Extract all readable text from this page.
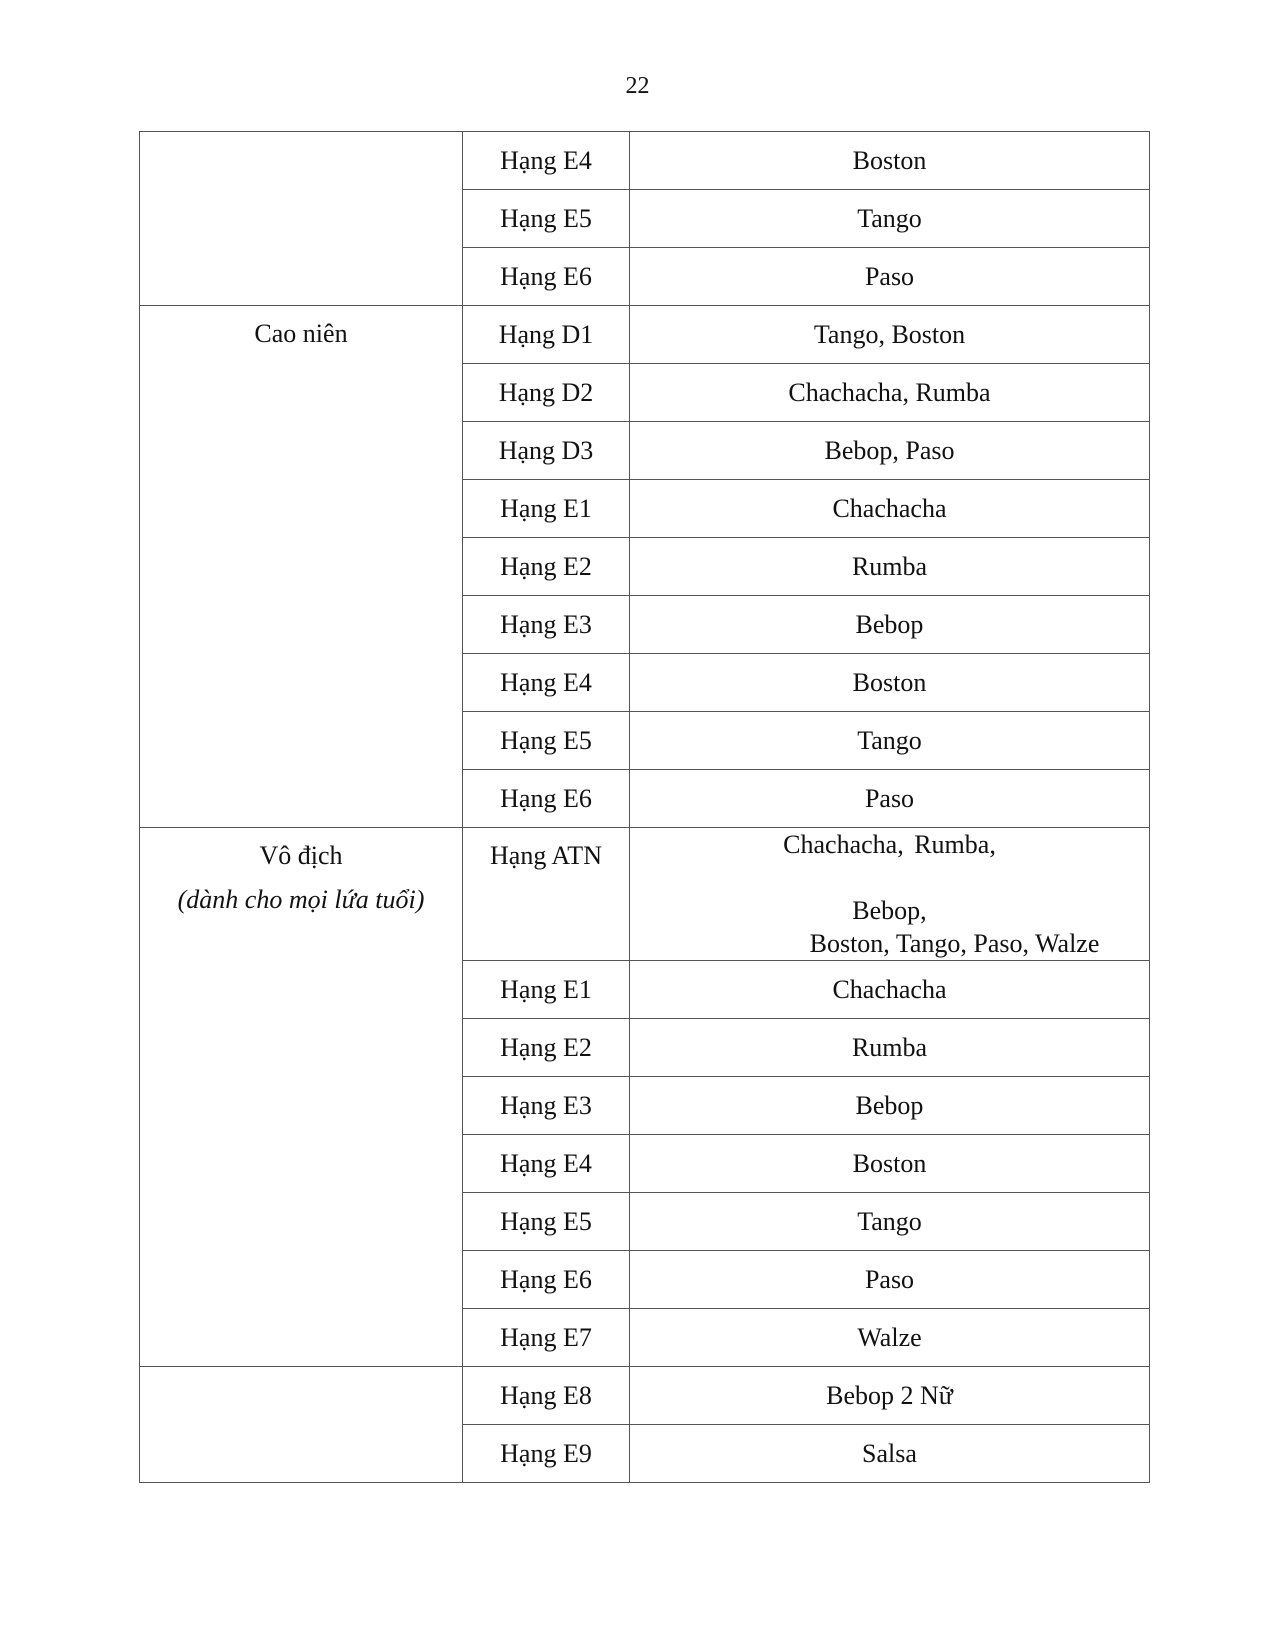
22
	Hạng E4	Boston
	Hạng E5	Tango
	Hạng E6	Paso
Cao niên	Hạng D1	Tango, Boston
	Hạng D2	Chachacha, Rumba
	Hạng D3	Bebop, Paso
	Hạng E1	Chachacha
	Hạng E2	Rumba
	Hạng E3	Bebop
	Hạng E4	Boston
	Hạng E5	Tango
	Hạng E6	Paso
Vô địch
(dành cho mọi lứa tuổi)	Hạng ATN	Chachacha, Rumba,
Bebop,
Boston, Tango, Paso, Walze

	Hạng E1	Chachacha
	Hạng E2	Rumba
	Hạng E3	Bebop
	Hạng E4	Boston
	Hạng E5	Tango
	Hạng E6	Paso
	Hạng E7	Walze
	Hạng E8	Bebop 2 Nữ
	Hạng E9	Salsa
